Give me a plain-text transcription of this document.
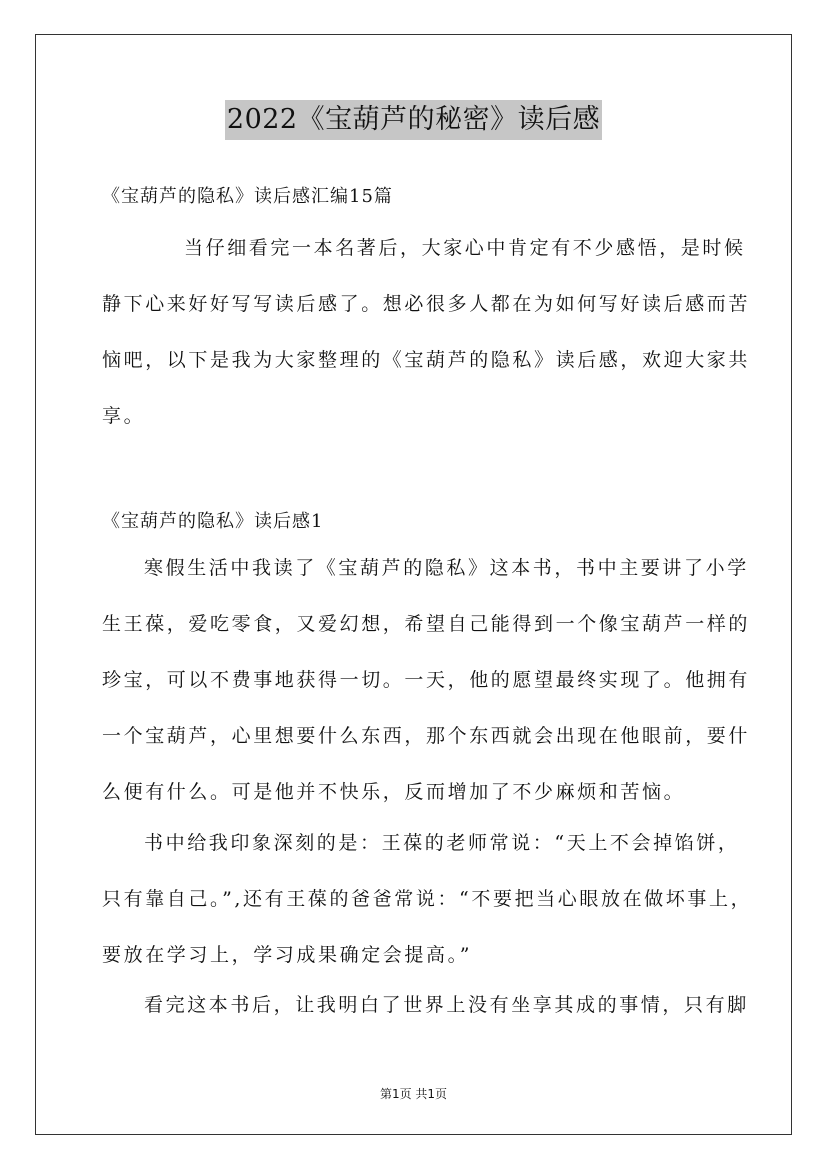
2022《宝葫芦的秘密》读后感
《宝葫芦的隐私》读后感汇编15篇
当仔细看完一本名著后，大家心中肯定有不少感悟，是时候
静下心来好好写写读后感了。想必很多人都在为如何写好读后感而苦
恼吧，以下是我为大家整理的《宝葫芦的隐私》读后感，欢迎大家共
享。
《宝葫芦的隐私》读后感1
寒假生活中我读了《宝葫芦的隐私》这本书，书中主要讲了小学
生王葆，爱吃零食，又爱幻想，希望自己能得到一个像宝葫芦一样的
珍宝，可以不费事地获得一切。一天，他的愿望最终实现了。他拥有
一个宝葫芦，心里想要什么东西，那个东西就会出现在他眼前，要什
么便有什么。可是他并不快乐，反而增加了不少麻烦和苦恼。
书中给我印象深刻的是：王葆的老师常说：“天上不会掉馅饼，
只有靠自己。”,还有王葆的爸爸常说：“不要把当心眼放在做坏事上，
要放在学习上，学习成果确定会提高。”
看完这本书后，让我明白了世界上没有坐享其成的事情，只有脚
第1页 共1页
